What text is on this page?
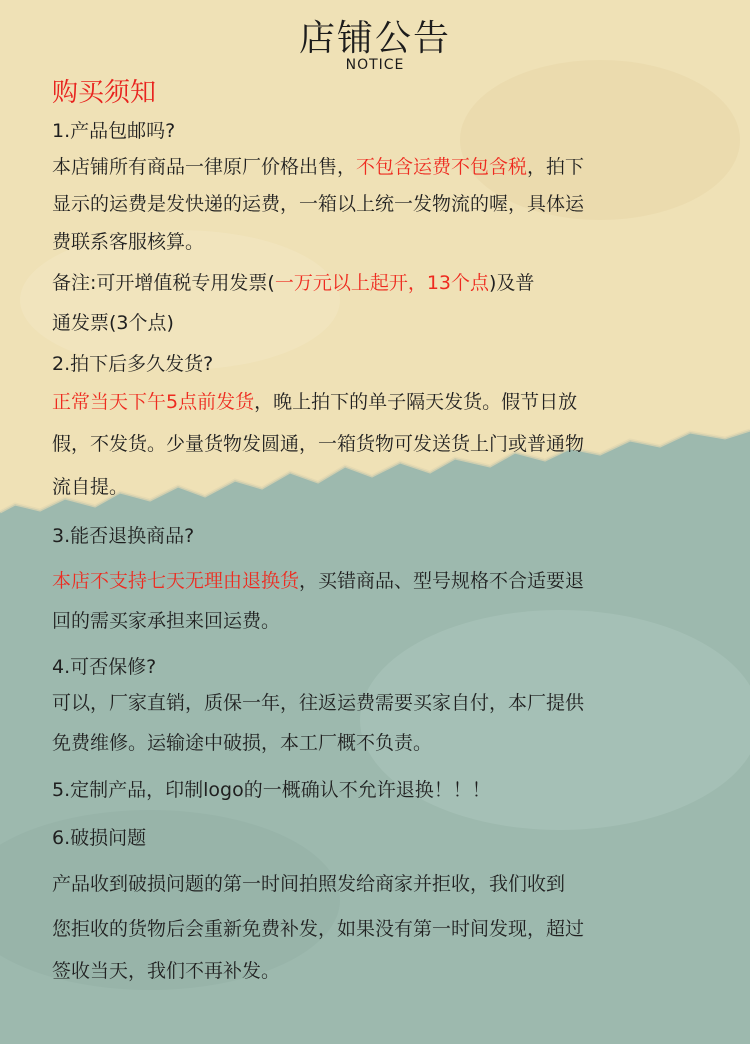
店铺公告
NOTICE
购买须知
1.产品包邮吗?
本店铺所有商品一律原厂价格出售，不包含运费不包含税，拍下
显示的运费是发快递的运费，一箱以上统一发物流的喔，具体运
费联系客服核算。
备注:可开增值税专用发票(一万元以上起开，13个点)及普
通发票(3个点)
2.拍下后多久发货?
正常当天下午5点前发货，晚上拍下的单子隔天发货。假节日放
假，不发货。少量货物发圆通，一箱货物可发送货上门或普通物
流自提。
3.能否退换商品?
本店不支持七天无理由退换货，买错商品、型号规格不合适要退
回的需买家承担来回运费。
4.可否保修?
可以，厂家直销，质保一年，往返运费需要买家自付，本厂提供
免费维修。运输途中破损，本工厂概不负责。
5.定制产品，印制logo的一概确认不允许退换！！！
6.破损问题
产品收到破损问题的第一时间拍照发给商家并拒收，我们收到
您拒收的货物后会重新免费补发，如果没有第一时间发现，超过
签收当天，我们不再补发。
